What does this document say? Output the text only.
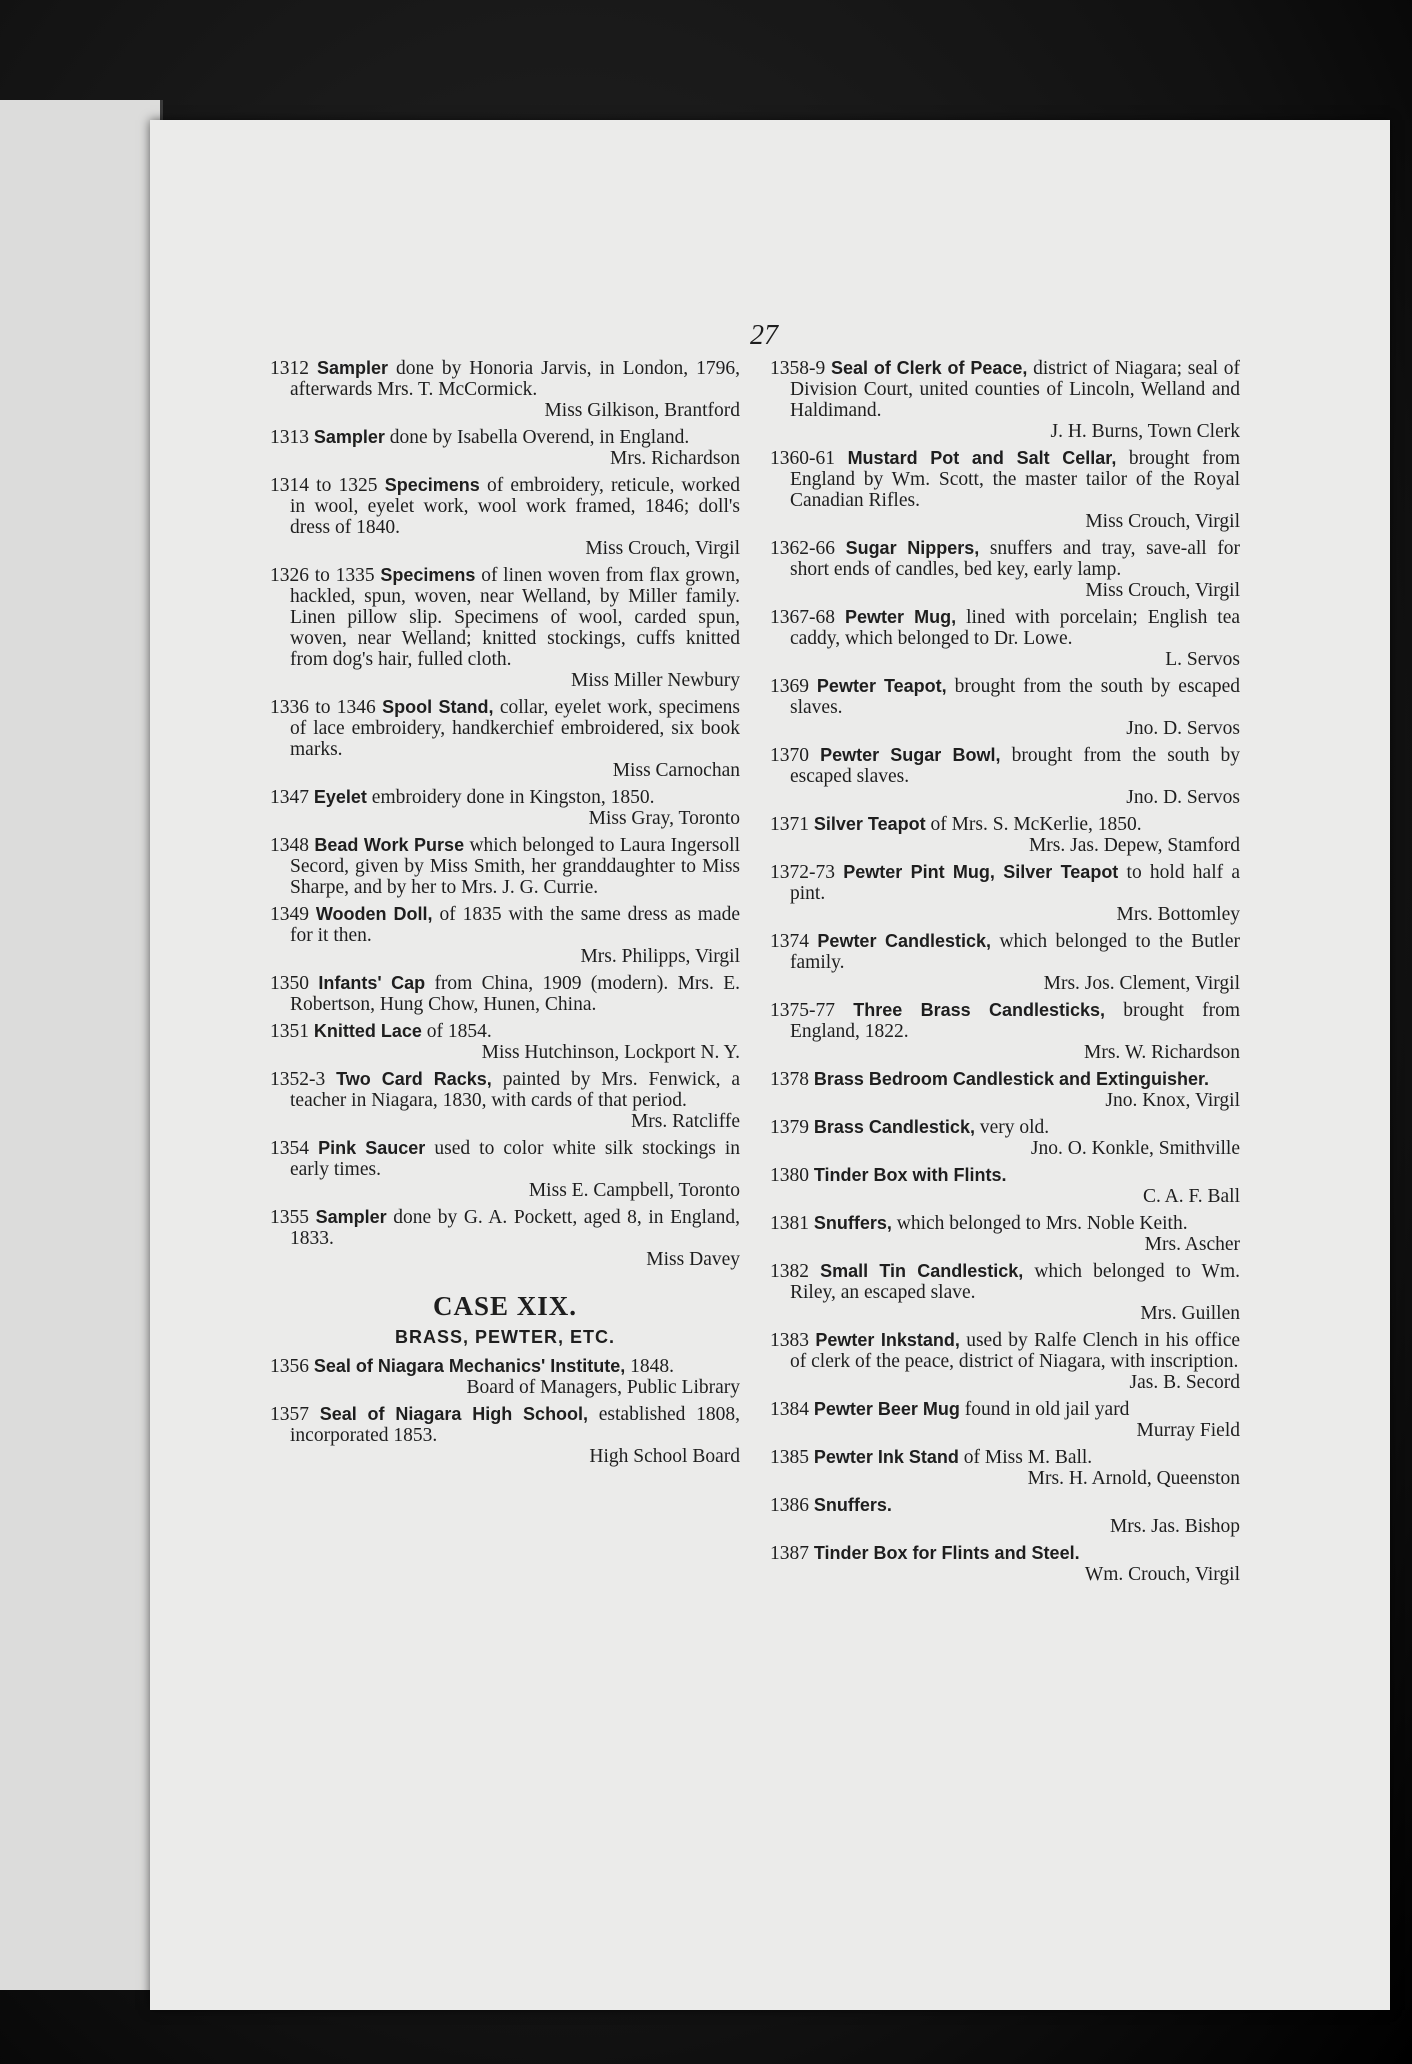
27
1312 Sampler done by Honoria Jarvis, in London, 1796, afterwards Mrs. T. McCormick.
Miss Gilkison, Brantford
1313 Sampler done by Isabella Overend, in England.
Mrs. Richardson
1314 to 1325 Specimens of embroidery, reticule, worked in wool, eyelet work, wool work framed, 1846; doll's dress of 1840.
Miss Crouch, Virgil
1326 to 1335 Specimens of linen woven from flax grown, hackled, spun, woven, near Welland, by Miller family. Linen pillow slip. Specimens of wool, carded spun, woven, near Welland; knitted stockings, cuffs knitted from dog's hair, fulled cloth.
Miss Miller Newbury
1336 to 1346 Spool Stand, collar, eyelet work, specimens of lace embroidery, handkerchief embroidered, six book marks.
Miss Carnochan
1347 Eyelet embroidery done in Kingston, 1850.
Miss Gray, Toronto
1348 Bead Work Purse which belonged to Laura Ingersoll Secord, given by Miss Smith, her granddaughter to Miss Sharpe, and by her to Mrs. J. G. Currie.
1349 Wooden Doll, of 1835 with the same dress as made for it then.
Mrs. Philipps, Virgil
1350 Infants' Cap from China, 1909 (modern). Mrs. E. Robertson, Hung Chow, Hunen, China.
1351 Knitted Lace of 1854.
Miss Hutchinson, Lockport N. Y.
1352-3 Two Card Racks, painted by Mrs. Fenwick, a teacher in Niagara, 1830, with cards of that period.
Mrs. Ratcliffe
1354 Pink Saucer used to color white silk stockings in early times.
Miss E. Campbell, Toronto
1355 Sampler done by G. A. Pockett, aged 8, in England, 1833.
Miss Davey
CASE XIX.
BRASS, PEWTER, ETC.
1356 Seal of Niagara Mechanics' Institute, 1848.
Board of Managers, Public Library
1357 Seal of Niagara High School, established 1808, incorporated 1853.
High School Board
1358-9 Seal of Clerk of Peace, district of Niagara; seal of Division Court, united counties of Lincoln, Welland and Haldimand.
J. H. Burns, Town Clerk
1360-61 Mustard Pot and Salt Cellar, brought from England by Wm. Scott, the master tailor of the Royal Canadian Rifles.
Miss Crouch, Virgil
1362-66 Sugar Nippers, snuffers and tray, save-all for short ends of candles, bed key, early lamp.
Miss Crouch, Virgil
1367-68 Pewter Mug, lined with porcelain; English tea caddy, which belonged to Dr. Lowe.
L. Servos
1369 Pewter Teapot, brought from the south by escaped slaves.
Jno. D. Servos
1370 Pewter Sugar Bowl, brought from the south by escaped slaves.
Jno. D. Servos
1371 Silver Teapot of Mrs. S. McKerlie, 1850.
Mrs. Jas. Depew, Stamford
1372-73 Pewter Pint Mug, Silver Teapot to hold half a pint.
Mrs. Bottomley
1374 Pewter Candlestick, which belonged to the Butler family.
Mrs. Jos. Clement, Virgil
1375-77 Three Brass Candlesticks, brought from England, 1822.
Mrs. W. Richardson
1378 Brass Bedroom Candlestick and Extinguisher.
Jno. Knox, Virgil
1379 Brass Candlestick, very old.
Jno. O. Konkle, Smithville
1380 Tinder Box with Flints.
C. A. F. Ball
1381 Snuffers, which belonged to Mrs. Noble Keith.
Mrs. Ascher
1382 Small Tin Candlestick, which belonged to Wm. Riley, an escaped slave.
Mrs. Guillen
1383 Pewter Inkstand, used by Ralfe Clench in his office of clerk of the peace, district of Niagara, with inscription.
Jas. B. Secord
1384 Pewter Beer Mug found in old jail yard
Murray Field
1385 Pewter Ink Stand of Miss M. Ball.
Mrs. H. Arnold, Queenston
1386 Snuffers.
Mrs. Jas. Bishop
1387 Tinder Box for Flints and Steel.
Wm. Crouch, Virgil
